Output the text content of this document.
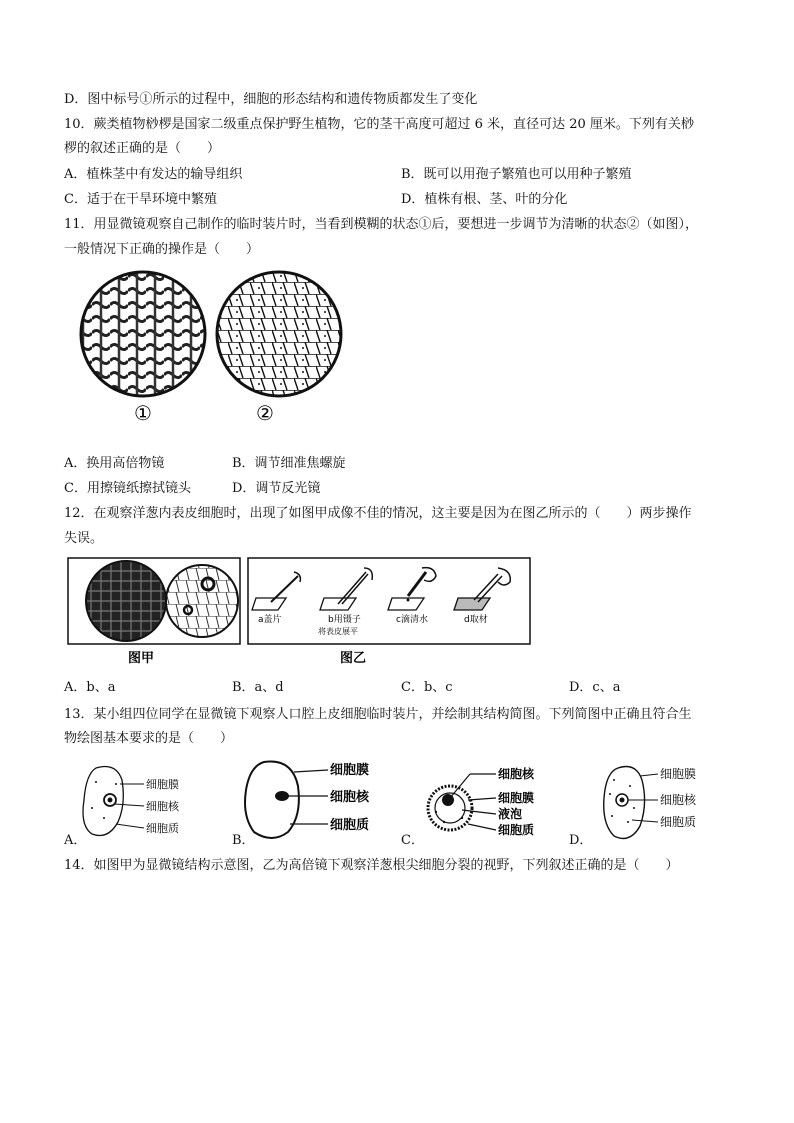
D．图中标号①所示的过程中，细胞的形态结构和遗传物质都发生了变化
10．蕨类植物桫椤是国家二级重点保护野生植物，它的茎干高度可超过 6 米，直径可达 20 厘米。下列有关桫
椤的叙述正确的是（　　）
A．植株茎中有发达的输导组织	B．既可以用孢子繁殖也可以用种子繁殖
C．适于在干旱环境中繁殖	D．植株有根、茎、叶的分化
11．用显微镜观察自己制作的临时装片时，当看到模糊的状态①后，要想进一步调节为清晰的状态②（如图），
一般情况下正确的操作是（　　）
①	②
A．换用高倍物镜	B．调节细准焦螺旋
C．用擦镜纸擦拭镜头	D．调节反光镜
12．在观察洋葱内表皮细胞时，出现了如图甲成像不佳的情况，这主要是因为在图乙所示的（　　）两步操作
失误。
图甲
a盖片	b用镊子
将表皮展平
c滴清水	d取材
图乙
A．b、a	B．a、d	C．b、c	D．c、a
13．某小组四位同学在显微镜下观察人口腔上皮细胞临时装片，并绘制其结构简图。下列简图中正确且符合生
物绘图基本要求的是（　　）
细胞膜
细胞核
细胞质
A．
细胞膜
细胞核
细胞质
B．
细胞核
细胞膜
液泡
细胞质
C．
细胞膜
细胞核
细胞质
D．
14．如图甲为显微镜结构示意图，乙为高倍镜下观察洋葱根尖细胞分裂的视野，下列叙述正确的是（　　）
